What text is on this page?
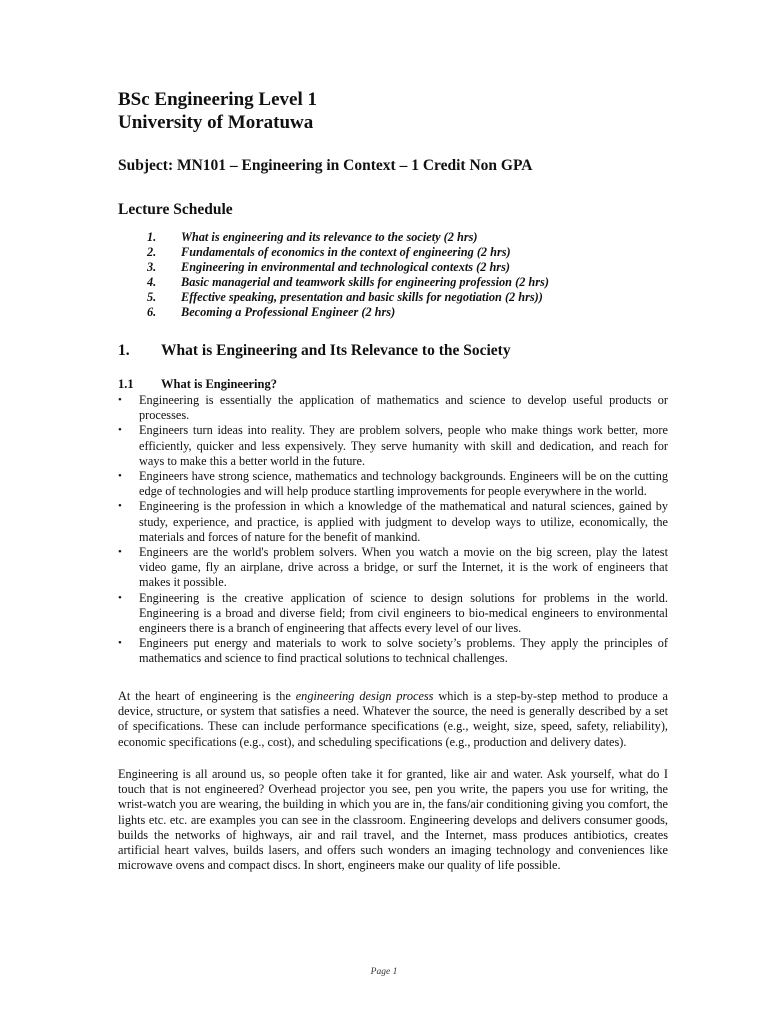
BSc Engineering Level 1

University of Moratuwa

Subject: MN101 – Engineering in Context – 1 Credit Non GPA

Lecture Schedule

1.	What is engineering and its relevance to the society (2 hrs)
2.	Fundamentals of economics in the context of engineering (2 hrs)
3.	Engineering in environmental and technological contexts (2 hrs)
4.	Basic managerial and teamwork skills for engineering profession (2 hrs)
5.	Effective speaking, presentation and basic skills for negotiation (2 hrs))
6.	Becoming a Professional Engineer (2 hrs)
1.	What is Engineering and Its Relevance to the Society
1.1	What is Engineering?
•	Engineering is essentially the application of mathematics and science to develop useful products or processes.
•	Engineers turn ideas into reality. They are problem solvers, people who make things work better, more efficiently, quicker and less expensively. They serve humanity with skill and dedication, and reach for ways to make this a better world in the future.
•	Engineers have strong science, mathematics and technology backgrounds. Engineers will be on the cutting edge of technologies and will help produce startling improvements for people everywhere in the world.
•	Engineering is the profession in which a knowledge of the mathematical and natural sciences, gained by study, experience, and practice, is applied with judgment to develop ways to utilize, economically, the materials and forces of nature for the benefit of mankind.
•	Engineers are the world's problem solvers. When you watch a movie on the big screen, play the latest video game, fly an airplane, drive across a bridge, or surf the Internet, it is the work of engineers that makes it possible.
•	Engineering is the creative application of science to design solutions for problems in the world. Engineering is a broad and diverse field; from civil engineers to bio-medical engineers to environmental engineers there is a branch of engineering that affects every level of our lives.
•	Engineers put energy and materials to work to solve society’s problems. They apply the principles of mathematics and science to find practical solutions to technical challenges.

At the heart of engineering is the engineering design process which is a step-by-step method to produce a device, structure, or system that satisfies a need. Whatever the source, the need is generally described by a set of specifications. These can include performance specifications (e.g., weight, size, speed, safety, reliability), economic specifications (e.g., cost), and scheduling specifications (e.g., production and delivery dates).

Engineering is all around us, so people often take it for granted, like air and water. Ask yourself, what do I touch that is not engineered? Overhead projector you see, pen you write, the papers you use for writing, the wrist-watch you are wearing, the building in which you are in, the fans/air conditioning giving you comfort, the lights etc. etc. are examples you can see in the classroom. Engineering develops and delivers consumer goods, builds the networks of highways, air and rail travel, and the Internet, mass produces antibiotics, creates artificial heart valves, builds lasers, and offers such wonders an imaging technology and conveniences like microwave ovens and compact discs. In short, engineers make our quality of life possible.

Page 1
